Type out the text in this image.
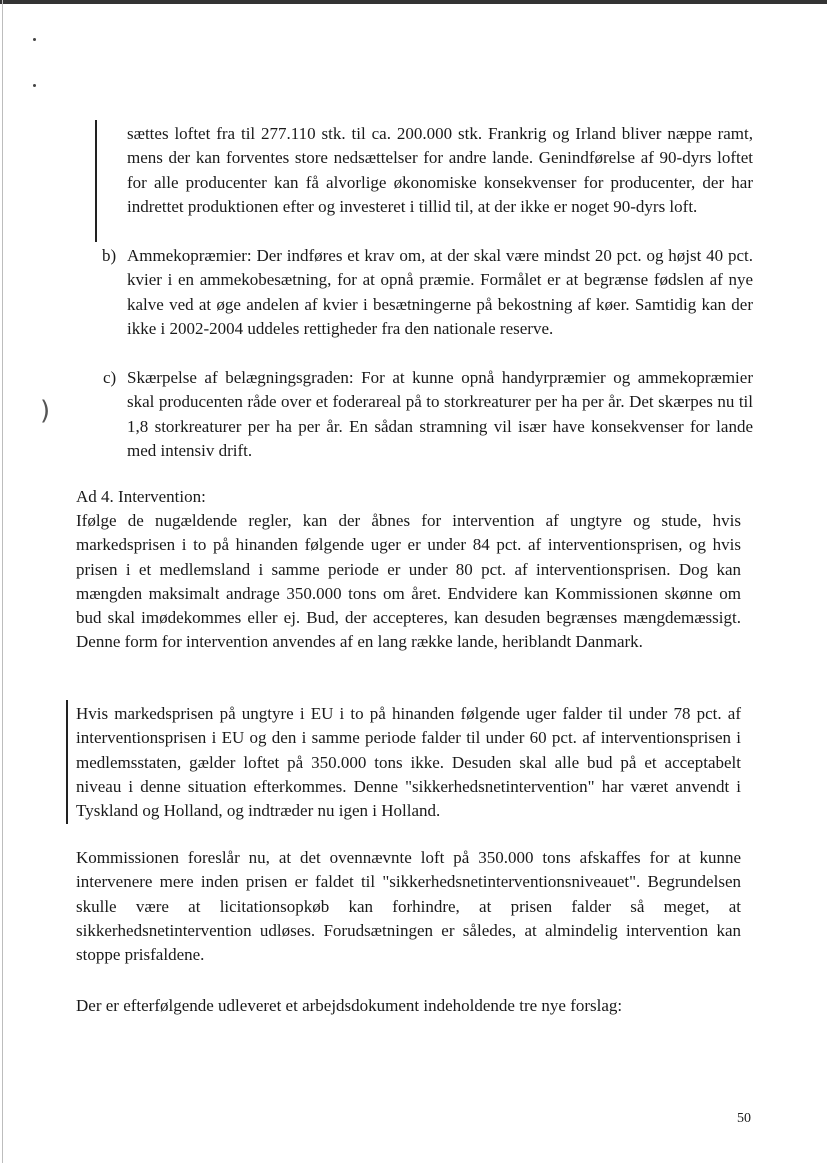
sættes loftet fra til 277.110 stk. til ca. 200.000 stk. Frankrig og Irland bliver næppe ramt, mens der kan forventes store nedsættelser for andre lande. Genindførelse af 90-dyrs loftet for alle producenter kan få alvorlige økonomiske konsekvenser for producenter, der har indrettet produktionen efter og investeret i tillid til, at der ikke er noget 90-dyrs loft.

b) Ammekopræmier: Der indføres et krav om, at der skal være mindst 20 pct. og højst 40 pct. kvier i en ammekobesætning, for at opnå præmie. Formålet er at begrænse fødslen af nye kalve ved at øge andelen af kvier i besætningerne på bekostning af køer. Samtidig kan der ikke i 2002-2004 uddeles rettigheder fra den nationale reserve.

c) Skærpelse af belægningsgraden: For at kunne opnå handyrpræmier og ammekopræmier skal producenten råde over et foderareal på to storkreaturer per ha per år. Det skærpes nu til 1,8 storkreaturer per ha per år. En sådan stramning vil især have konsekvenser for lande med intensiv drift.

)

Ad 4. Intervention:

Ifølge de nugældende regler, kan der åbnes for intervention af ungtyre og stude, hvis markedsprisen i to på hinanden følgende uger er under 84 pct. af interventionsprisen, og hvis prisen i et medlemsland i samme periode er under 80 pct. af interventionsprisen. Dog kan mængden maksimalt andrage 350.000 tons om året. Endvidere kan Kommissionen skønne om bud skal imødekommes eller ej. Bud, der accepteres, kan desuden begrænses mængdemæssigt. Denne form for intervention anvendes af en lang række lande, heriblandt Danmark.

Hvis markedsprisen på ungtyre i EU i to på hinanden følgende uger falder til under 78 pct. af interventionsprisen i EU og den i samme periode falder til under 60 pct. af interventionsprisen i medlemsstaten, gælder loftet på 350.000 tons ikke. Desuden skal alle bud på et acceptabelt niveau i denne situation efterkommes. Denne "sikkerhedsnetintervention" har været anvendt i Tyskland og Holland, og indtræder nu igen i Holland.

Kommissionen foreslår nu, at det ovennævnte loft på 350.000 tons afskaffes for at kunne intervenere mere inden prisen er faldet til "sikkerhedsnetinterventionsniveauet". Begrundelsen skulle være at licitationsopkøb kan forhindre, at prisen falder så meget, at sikkerhedsnetintervention udløses. Forudsætningen er således, at almindelig intervention kan stoppe prisfaldene.

Der er efterfølgende udleveret et arbejdsdokument indeholdende tre nye forslag:

50
